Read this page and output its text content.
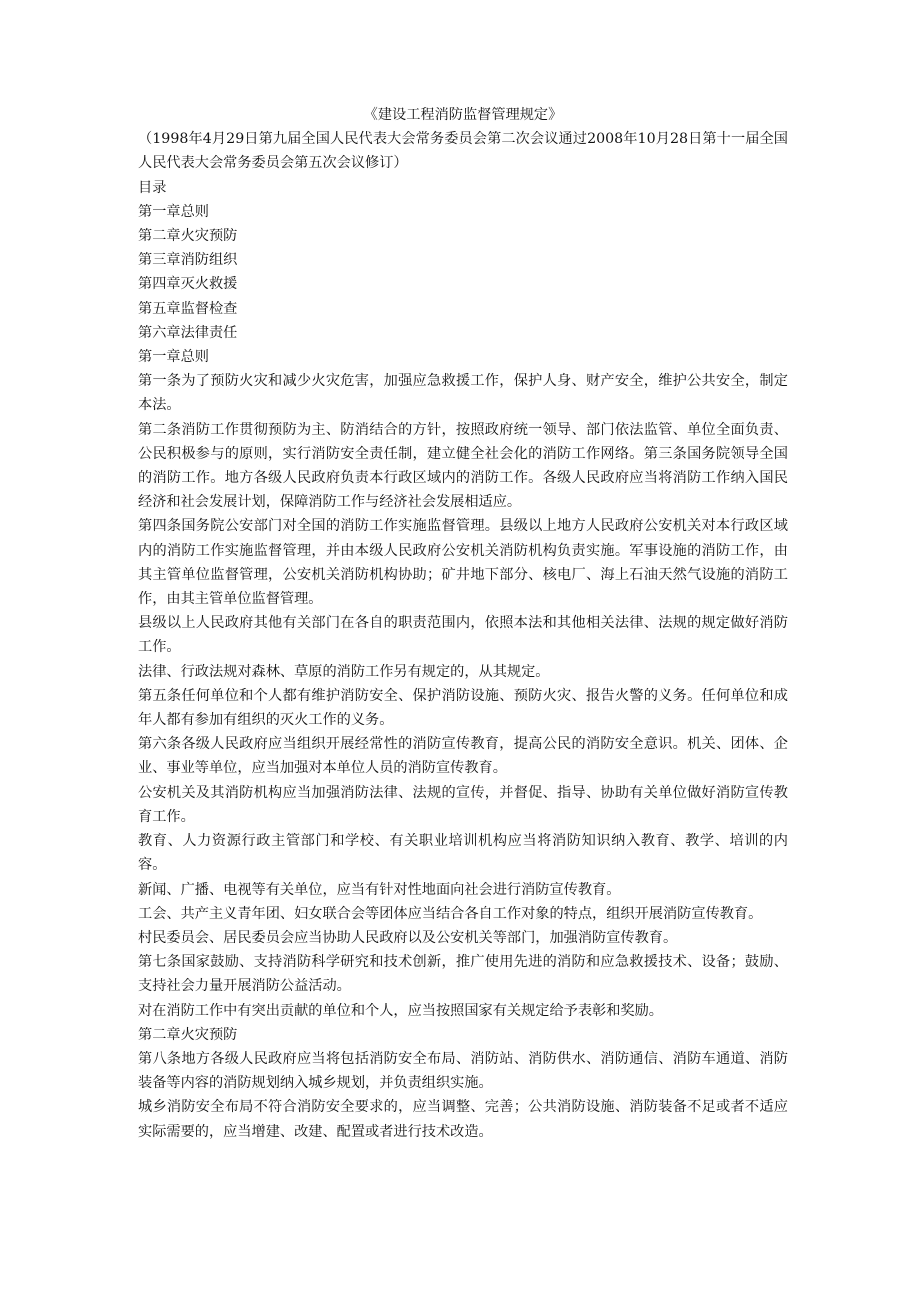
《建设工程消防监督管理规定》

（1998年4月29日第九届全国人民代表大会常务委员会第二次会议通过2008年10月28日第十一届全国人民代表大会常务委员会第五次会议修订）

目录

第一章总则

第二章火灾预防

第三章消防组织

第四章灭火救援

第五章监督检查

第六章法律责任

第一章总则

第一条为了预防火灾和减少火灾危害，加强应急救援工作，保护人身、财产安全，维护公共安全，制定本法。

第二条消防工作贯彻预防为主、防消结合的方针，按照政府统一领导、部门依法监管、单位全面负责、公民积极参与的原则，实行消防安全责任制，建立健全社会化的消防工作网络。第三条国务院领导全国的消防工作。地方各级人民政府负责本行政区域内的消防工作。各级人民政府应当将消防工作纳入国民经济和社会发展计划，保障消防工作与经济社会发展相适应。

第四条国务院公安部门对全国的消防工作实施监督管理。县级以上地方人民政府公安机关对本行政区域内的消防工作实施监督管理，并由本级人民政府公安机关消防机构负责实施。军事设施的消防工作，由其主管单位监督管理，公安机关消防机构协助；矿井地下部分、核电厂、海上石油天然气设施的消防工作，由其主管单位监督管理。

县级以上人民政府其他有关部门在各自的职责范围内，依照本法和其他相关法律、法规的规定做好消防工作。

法律、行政法规对森林、草原的消防工作另有规定的，从其规定。

第五条任何单位和个人都有维护消防安全、保护消防设施、预防火灾、报告火警的义务。任何单位和成年人都有参加有组织的灭火工作的义务。

第六条各级人民政府应当组织开展经常性的消防宣传教育，提高公民的消防安全意识。机关、团体、企业、事业等单位，应当加强对本单位人员的消防宣传教育。

公安机关及其消防机构应当加强消防法律、法规的宣传，并督促、指导、协助有关单位做好消防宣传教育工作。

教育、人力资源行政主管部门和学校、有关职业培训机构应当将消防知识纳入教育、教学、培训的内容。

新闻、广播、电视等有关单位，应当有针对性地面向社会进行消防宣传教育。

工会、共产主义青年团、妇女联合会等团体应当结合各自工作对象的特点，组织开展消防宣传教育。

村民委员会、居民委员会应当协助人民政府以及公安机关等部门，加强消防宣传教育。

第七条国家鼓励、支持消防科学研究和技术创新，推广使用先进的消防和应急救援技术、设备；鼓励、支持社会力量开展消防公益活动。

对在消防工作中有突出贡献的单位和个人，应当按照国家有关规定给予表彰和奖励。

第二章火灾预防

第八条地方各级人民政府应当将包括消防安全布局、消防站、消防供水、消防通信、消防车通道、消防装备等内容的消防规划纳入城乡规划，并负责组织实施。

城乡消防安全布局不符合消防安全要求的，应当调整、完善；公共消防设施、消防装备不足或者不适应实际需要的，应当增建、改建、配置或者进行技术改造。
